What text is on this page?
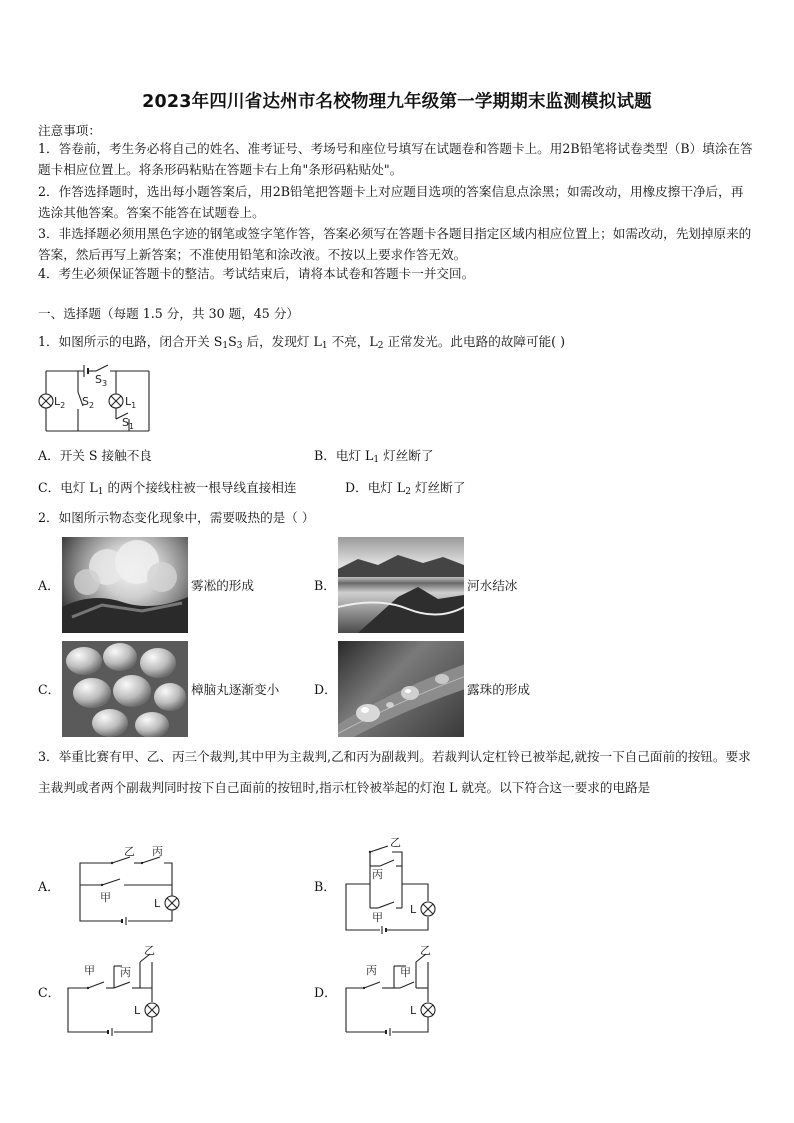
2023年四川省达州市名校物理九年级第一学期期末监测模拟试题
注意事项：
1．答卷前，考生务必将自己的姓名、准考证号、考场号和座位号填写在试题卷和答题卡上。用2B铅笔将试卷类型（B）填涂在答题卡相应位置上。将条形码粘贴在答题卡右上角"条形码粘贴处"。
2．作答选择题时，选出每小题答案后，用2B铅笔把答题卡上对应题目选项的答案信息点涂黑；如需改动，用橡皮擦干净后，再选涂其他答案。答案不能答在试题卷上。
3．非选择题必须用黑色字迹的钢笔或签字笔作答，答案必须写在答题卡各题目指定区域内相应位置上；如需改动，先划掉原来的答案，然后再写上新答案；不准使用铅笔和涂改液。不按以上要求作答无效。
4．考生必须保证答题卡的整洁。考试结束后，请将本试卷和答题卡一并交回。
一、选择题（每题 1.5 分，共 30 题，45 分）
1．如图所示的电路，闭合开关 $S_1S_3$ 后，发现灯 $L_1$ 不亮，$L_2$ 正常发光。此电路的故障可能( )
$S_3$
$L_2$ $S_2$	$L_1$
$S_1$
A．开关 S 接触不良	B．电灯 $L_1$ 灯丝断了
C．电灯 $L_1$ 的两个接线柱被一根导线直接相连	D．电灯 $L_2$ 灯丝断了
2．如图所示物态变化现象中，需要吸热的是（ ）
A．	雾凇的形成	B．	河水结冰
C．	樟脑丸逐渐变小	D．	露珠的形成
3．举重比赛有甲、乙、丙三个裁判,其中甲为主裁判,乙和丙为副裁判。若裁判认定杠铃已被举起,就按一下自己面前的按钮。要求主裁判或者两个副裁判同时按下自己面前的按钮时,指示杠铃被举起的灯泡 L 就亮。以下符合这一要求的电路是
A．
乙 丙
甲	L
B．
乙
丙
甲
L
C．
甲 丙
乙
L
D．
丙 甲
乙
L
